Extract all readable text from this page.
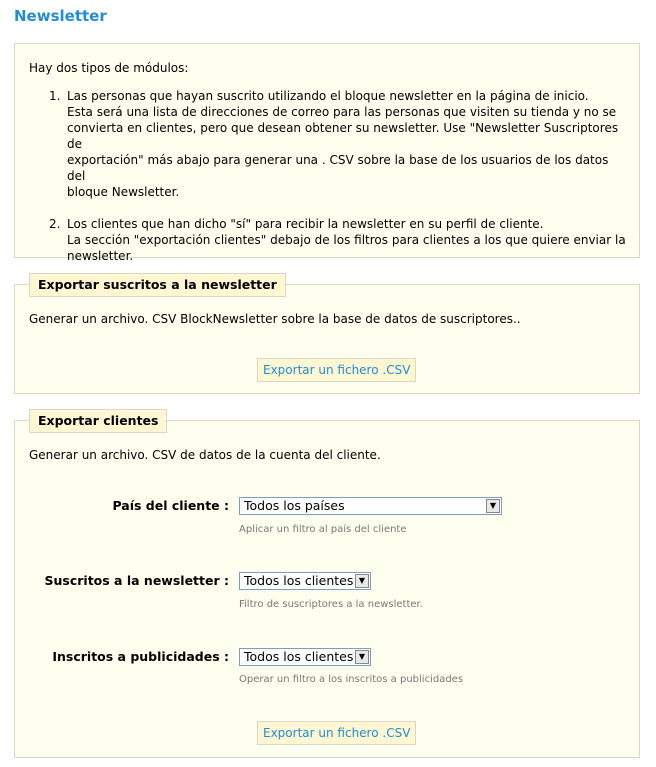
Newsletter

Hay dos tipos de módulos:

1. Las personas que hayan suscrito utilizando el bloque newsletter en la página de inicio.
Esta será una lista de direcciones de correo para las personas que visiten su tienda y no se
convierta en clientes, pero que desean obtener su newsletter. Use "Newsletter Suscriptores de
exportación" más abajo para generar una . CSV sobre la base de los usuarios de los datos del
bloque Newsletter.
2. Los clientes que han dicho "sí" para recibir la newsletter en su perfil de cliente.
La sección "exportación clientes" debajo de los filtros para clientes a los que quiere enviar la
newsletter.
Exportar suscritos a la newsletter
Generar un archivo. CSV BlockNewsletter sobre la base de datos de suscriptores..
Exportar un fichero .CSV
Exportar clientes
Generar un archivo. CSV de datos de la cuenta del cliente.
País del cliente :	Todos los países	▼
Aplicar un filtro al país del cliente
Suscritos a la newsletter :	Todos los clientes ▼
Filtro de suscriptores a la newsletter.
Inscritos a publicidades :	Todos los clientes ▼
Operar un filtro a los inscritos a publicidades
Exportar un fichero .CSV
